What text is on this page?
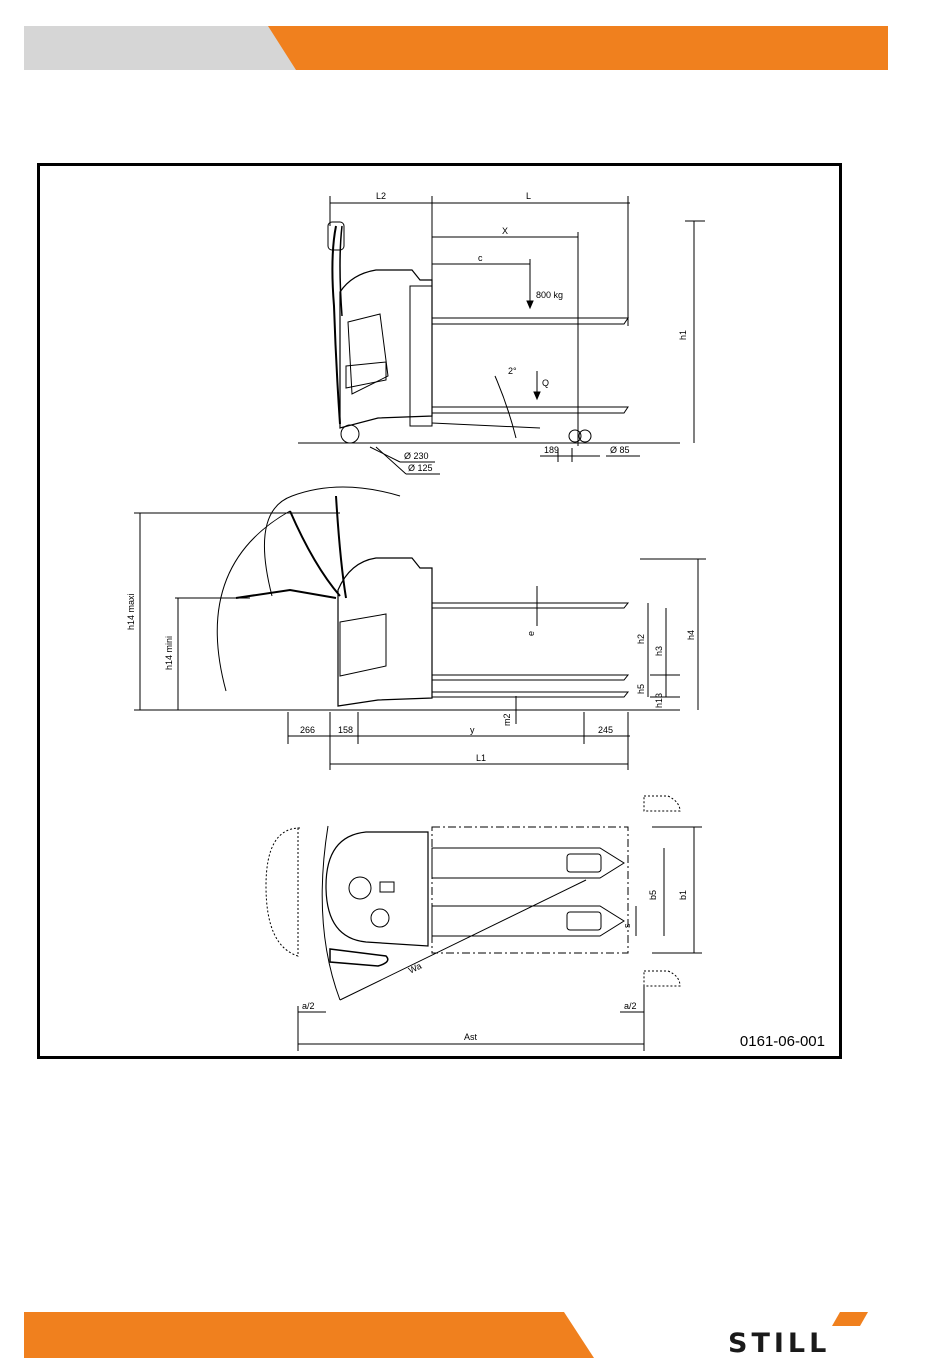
L2	L
X
c
800 kg
h1
Q
2°
Ø 230
Ø 125
Ø 85
189
h14 maxi
h14 mini
e
h2
h3
h4
h5
h13
m2
266	158	y	245
L1
b5 b1
s
Wa
a/2	a/2
Ast	0161-06-001
STILL
